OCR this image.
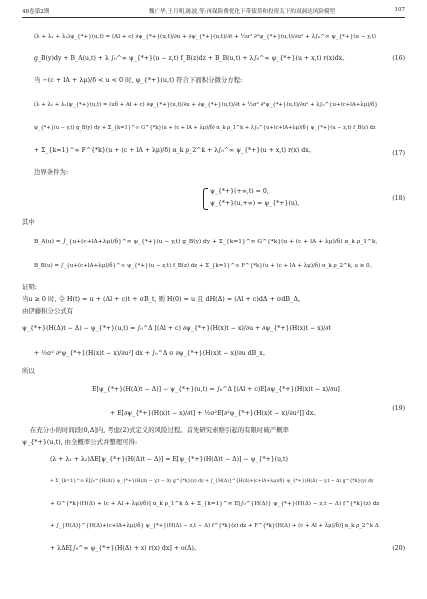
48卷第2期	魏广华,王月明,陈波,等:再保险费优化下带债贷和投资关下的双洞达风险模型	107
(λ + λ₁ + λ₂)ψ_{*+}(u,t) = (Al + c) ∂ψ_{*+}(u,t)/∂u + ∂ψ_{*+}(u,t)/∂t + ½σ² ∂²ψ_{*+}(u,t)/∂u² + λ∫₀^∞ ψ_{*+}(u − y,t)
g_B(y)dy + B_A(u,t) + λ ∫₀^∞ ψ_{*+}(u − z,t) f_B(z)dz + B_B(u,t) + λ∫₀^∞ ψ_{*+}(u + x,t) r(x)dx。	(16)
当 −(c + lA + λμ)/δ < u < 0 时, ψ_{*+}(u,t) 符合下面积分微分方程:
(λ + λ₁ + λ₂)ψ_{*+}(u,t) = (uδ + Al + c) ∂ψ_{*+}(u,t)/∂u + ∂ψ_{*+}(u,t)/∂t + ½σ² ∂²ψ_{*+}(u,t)/∂u² + λ∫₀^{u+(c+lA+λμ)/δ}
ψ_{*+}(u − y,t) g_B(y) dy + Σ_{k=1}^∞ G^{*k}(u + (c + lA + λμ)/δ) α_k ρ_1^k + λ∫₀^{u+(c+lA+λμ)/δ} ψ_{*+}(u − z,t) f_B(z) dz
+ Σ_{k=1}^∞ F^{*k}(u + (c + lA + λμ)/δ) α_k ρ_2^k + λ∫₀^∞ ψ_{*+}(u + x,t) r(x) dx。	(17)
边界条件为:
ψ_{*+}(+∞,t) = 0,
ψ_{*+}(u,+∞) = ψ_{*+}(u),
(18)
其中
B_A(u) = ∫_{u+(c+lA+λμ)/δ}^∞ ψ_{*+}(u − y,t) g_B(y) dy + Σ_{k=1}^∞ G^{*k}(u + (c + lA + λμ)/δ) α_k ρ_1^k,
B_B(u) = ∫_{u+(c+lA+λμ)/δ}^∞ ψ_{*+}(u − z,t) f_B(z) dz + Σ_{k=1}^∞ F^{*k}(u + (c + lA + λμ)/δ) α_k ρ_2^k, u ≥ 0。
证明:
当u ≥ 0 时, 令 H(t) = u + (Al + c)t + σB_t, 则 H(0) = u 且 dH(Δ) = (Al + c)dΔ + σdB_Δ。
由伊藤积分公式有
ψ_{*+}(H(Δ)t − Δ) − ψ_{*+}(u,t) = ∫₀^Δ [(Al + c) ∂ψ_{*+}(H(x)t − x)/∂u + ∂ψ_{*+}(H(x)t − x)/∂t
+ ½σ² ∂²ψ_{*+}(H(x)t − x)/∂u²] dx + ∫₀^Δ σ ∂ψ_{*+}(H(x)t − x)/∂u dB_x。
所以
E[ψ_{*+}(H(Δ)t − Δ)] − ψ_{*+}(u,t) = ∫₀^Δ [(Al + c)E[∂ψ_{*+}(H(x)t − x)/∂u]
+ E[∂ψ_{*+}(H(x)t − x)/∂t] + ½σ²E[∂²ψ_{*+}(H(x)t − x)/∂u²]] dx。
(19)
在充分小的时间段(0,Δ]内, 考虑(2)式定义的风险过程。首先研究索赔引起的有限时破产概率
ψ_{*+}(u,t), 由全概率公式并整理可得:
(λ + λ₁ + λ₂)ΔE[ψ_{*+}(H(Δ)t − Δ)] = E[ψ_{*+}(H(Δ)t − Δ)] − ψ_{*+}(u,t)
+ Σ_{k=1}^∞ E[∫₀^{H(Δ)} ψ_{*+}(H(Δ) − y,t − Δ) g^{*k}(y) dy + ∫_{H(Δ)}^{H(Δ)+(c+lA+λμ)/δ} ψ_{*+}(H(Δ) − y,t − Δ) g^{*k}(y) dy
+ G^{*k}(H(Δ) + (c + Al + λμ)/δ)] α_k ρ_1^k Δ + Σ_{k=1}^∞ E[∫₀^{H(Δ)} ψ_{*+}(H(Δ) − z,t − Δ) f^{*k}(z) dz
+ ∫_{H(Δ)}^{H(Δ)+(c+lA+λμ)/δ} ψ_{*+}(H(Δ) − z,t − Δ) f^{*k}(z) dz + F^{*k}(H(Δ) + (c + Al + λμ)/δ)] α_k ρ_2^k Δ
+ λΔE[∫₀^∞ ψ_{*+}(H(Δ) + x) r(x) dx] + o(Δ)。	(20)
